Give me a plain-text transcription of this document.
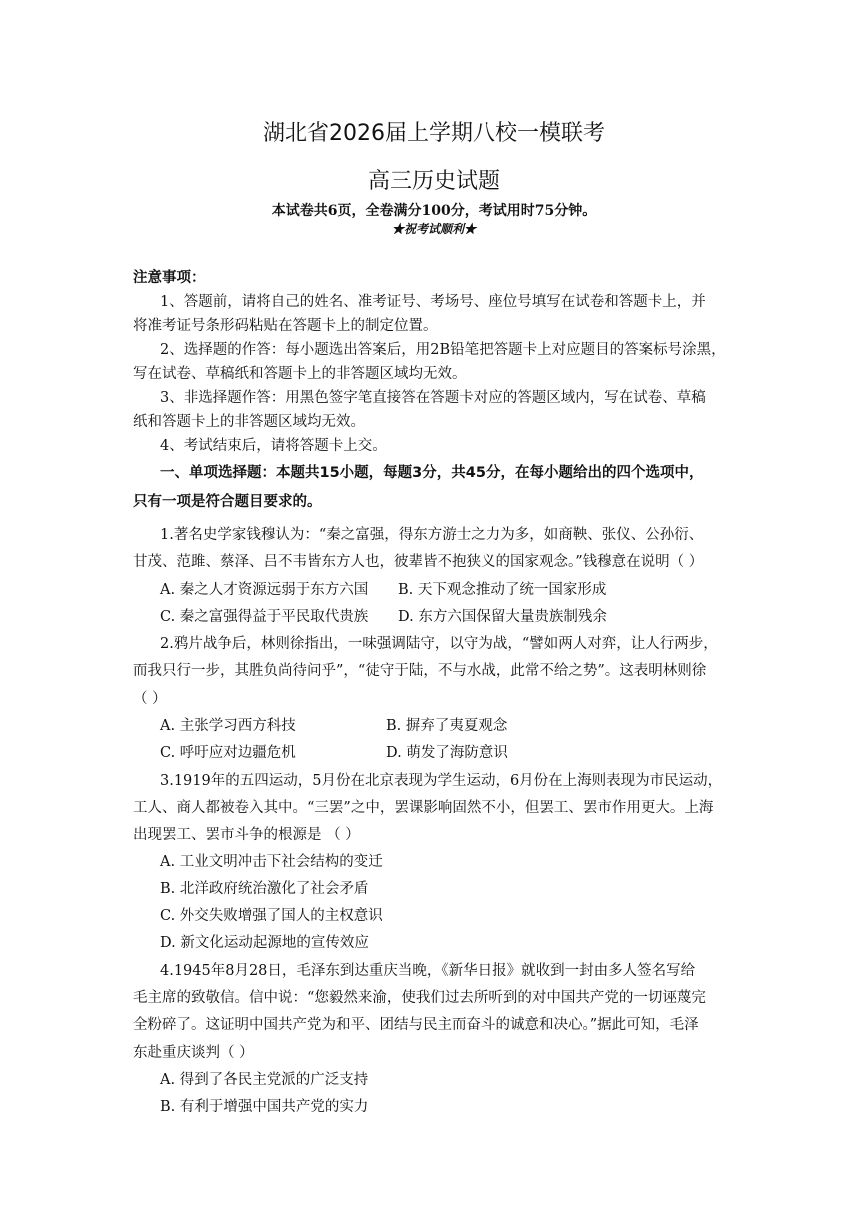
湖北省2026届上学期八校一模联考
高三历史试题
本试卷共6页，全卷满分100分，考试用时75分钟。
★祝考试顺利★
注意事项：
1、答题前，请将自己的姓名、准考证号、考场号、座位号填写在试卷和答题卡上，并
将准考证号条形码粘贴在答题卡上的制定位置。
2、选择题的作答：每小题选出答案后，用2B铅笔把答题卡上对应题目的答案标号涂黑，
写在试卷、草稿纸和答题卡上的非答题区域均无效。
3、非选择题作答：用黑色签字笔直接答在答题卡对应的答题区域内，写在试卷、草稿
纸和答题卡上的非答题区域均无效。
4、考试结束后，请将答题卡上交。
一、单项选择题：本题共15小题，每题3分，共45分，在每小题给出的四个选项中，
只有一项是符合题目要求的。
1.著名史学家钱穆认为：“秦之富强，得东方游士之力为多，如商鞅、张仪、公孙衍、
甘茂、范雎、蔡泽、吕不韦皆东方人也，彼辈皆不抱狭义的国家观念。”钱穆意在说明（ ）
A. 秦之人才资源远弱于东方六国 B. 天下观念推动了统一国家形成
C. 秦之富强得益于平民取代贵族 D. 东方六国保留大量贵族制残余
2.鸦片战争后，林则徐指出，一味强调陆守，以守为战，“譬如两人对弈，让人行两步，
而我只行一步，其胜负尚待问乎”，“徒守于陆，不与水战，此常不给之势”。这表明林则徐
（ ）
A. 主张学习西方科技	B. 摒弃了夷夏观念
C. 呼吁应对边疆危机	D. 萌发了海防意识
3.1919年的五四运动，5月份在北京表现为学生运动，6月份在上海则表现为市民运动，
工人、商人都被卷入其中。“三罢”之中，罢课影响固然不小，但罢工、罢市作用更大。上海
出现罢工、罢市斗争的根源是 （ ）
A. 工业文明冲击下社会结构的变迁
B. 北洋政府统治激化了社会矛盾
C. 外交失败增强了国人的主权意识
D. 新文化运动起源地的宣传效应
4.1945年8月28日，毛泽东到达重庆当晚，《新华日报》就收到一封由多人签名写给
毛主席的致敬信。信中说：“您毅然来渝，使我们过去所听到的对中国共产党的一切诬蔑完
全粉碎了。这证明中国共产党为和平、团结与民主而奋斗的诚意和决心。”据此可知，毛泽
东赴重庆谈判（ ）
A. 得到了各民主党派的广泛支持
B. 有利于增强中国共产党的实力
